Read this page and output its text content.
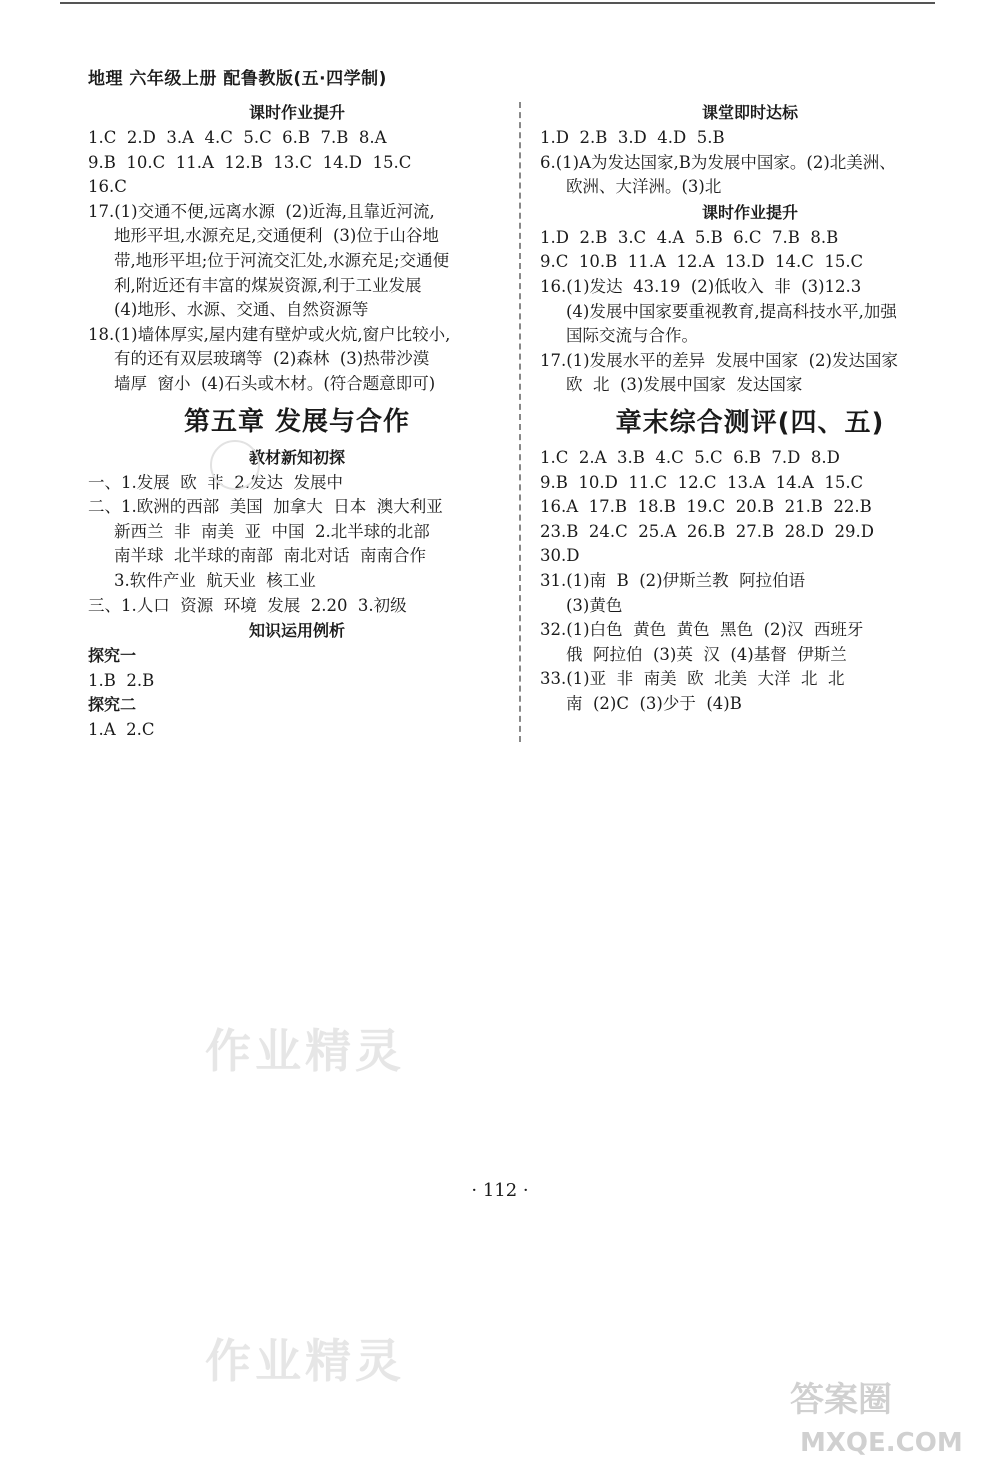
地理 六年级上册 配鲁教版(五·四学制)
课时作业提升
1.C  2.D  3.A  4.C  5.C  6.B  7.B  8.A
9.B  10.C  11.A  12.B  13.C  14.D  15.C
16.C
17.(1)交通不便,远离水源  (2)近海,且靠近河流,
地形平坦,水源充足,交通便利  (3)位于山谷地
带,地形平坦;位于河流交汇处,水源充足;交通便
利,附近还有丰富的煤炭资源,利于工业发展
(4)地形、水源、交通、自然资源等
18.(1)墙体厚实,屋内建有壁炉或火炕,窗户比较小,
有的还有双层玻璃等  (2)森林  (3)热带沙漠
墙厚  窗小  (4)石头或木材。(符合题意即可)
第五章 发展与合作
教材新知初探
一、1.发展  欧  非  2.发达  发展中
二、1.欧洲的西部  美国  加拿大  日本  澳大利亚
新西兰  非  南美  亚  中国  2.北半球的北部
南半球  北半球的南部  南北对话  南南合作
3.软件产业  航天业  核工业
三、1.人口  资源  环境  发展  2.20  3.初级
知识运用例析
探究一
1.B  2.B
探究二
1.A  2.C
课堂即时达标
1.D  2.B  3.D  4.D  5.B
6.(1)A为发达国家,B为发展中国家。(2)北美洲、
欧洲、大洋洲。(3)北
课时作业提升
1.D  2.B  3.C  4.A  5.B  6.C  7.B  8.B
9.C  10.B  11.A  12.A  13.D  14.C  15.C
16.(1)发达  43.19  (2)低收入  非  (3)12.3
(4)发展中国家要重视教育,提高科技水平,加强
国际交流与合作。
17.(1)发展水平的差异  发展中国家  (2)发达国家
欧  北  (3)发展中国家  发达国家
章末综合测评(四、五)
1.C  2.A  3.B  4.C  5.C  6.B  7.D  8.D
9.B  10.D  11.C  12.C  13.A  14.A  15.C
16.A  17.B  18.B  19.C  20.B  21.B  22.B
23.B  24.C  25.A  26.B  27.B  28.D  29.D
30.D
31.(1)南  B  (2)伊斯兰教  阿拉伯语
(3)黄色
32.(1)白色  黄色  黄色  黑色  (2)汉  西班牙
俄  阿拉伯  (3)英  汉  (4)基督  伊斯兰
33.(1)亚  非  南美  欧  北美  大洋  北  北
南  (2)C  (3)少于  (4)B
作业精灵
作业精灵
· 112 ·
答案圈
MXQE.COM
